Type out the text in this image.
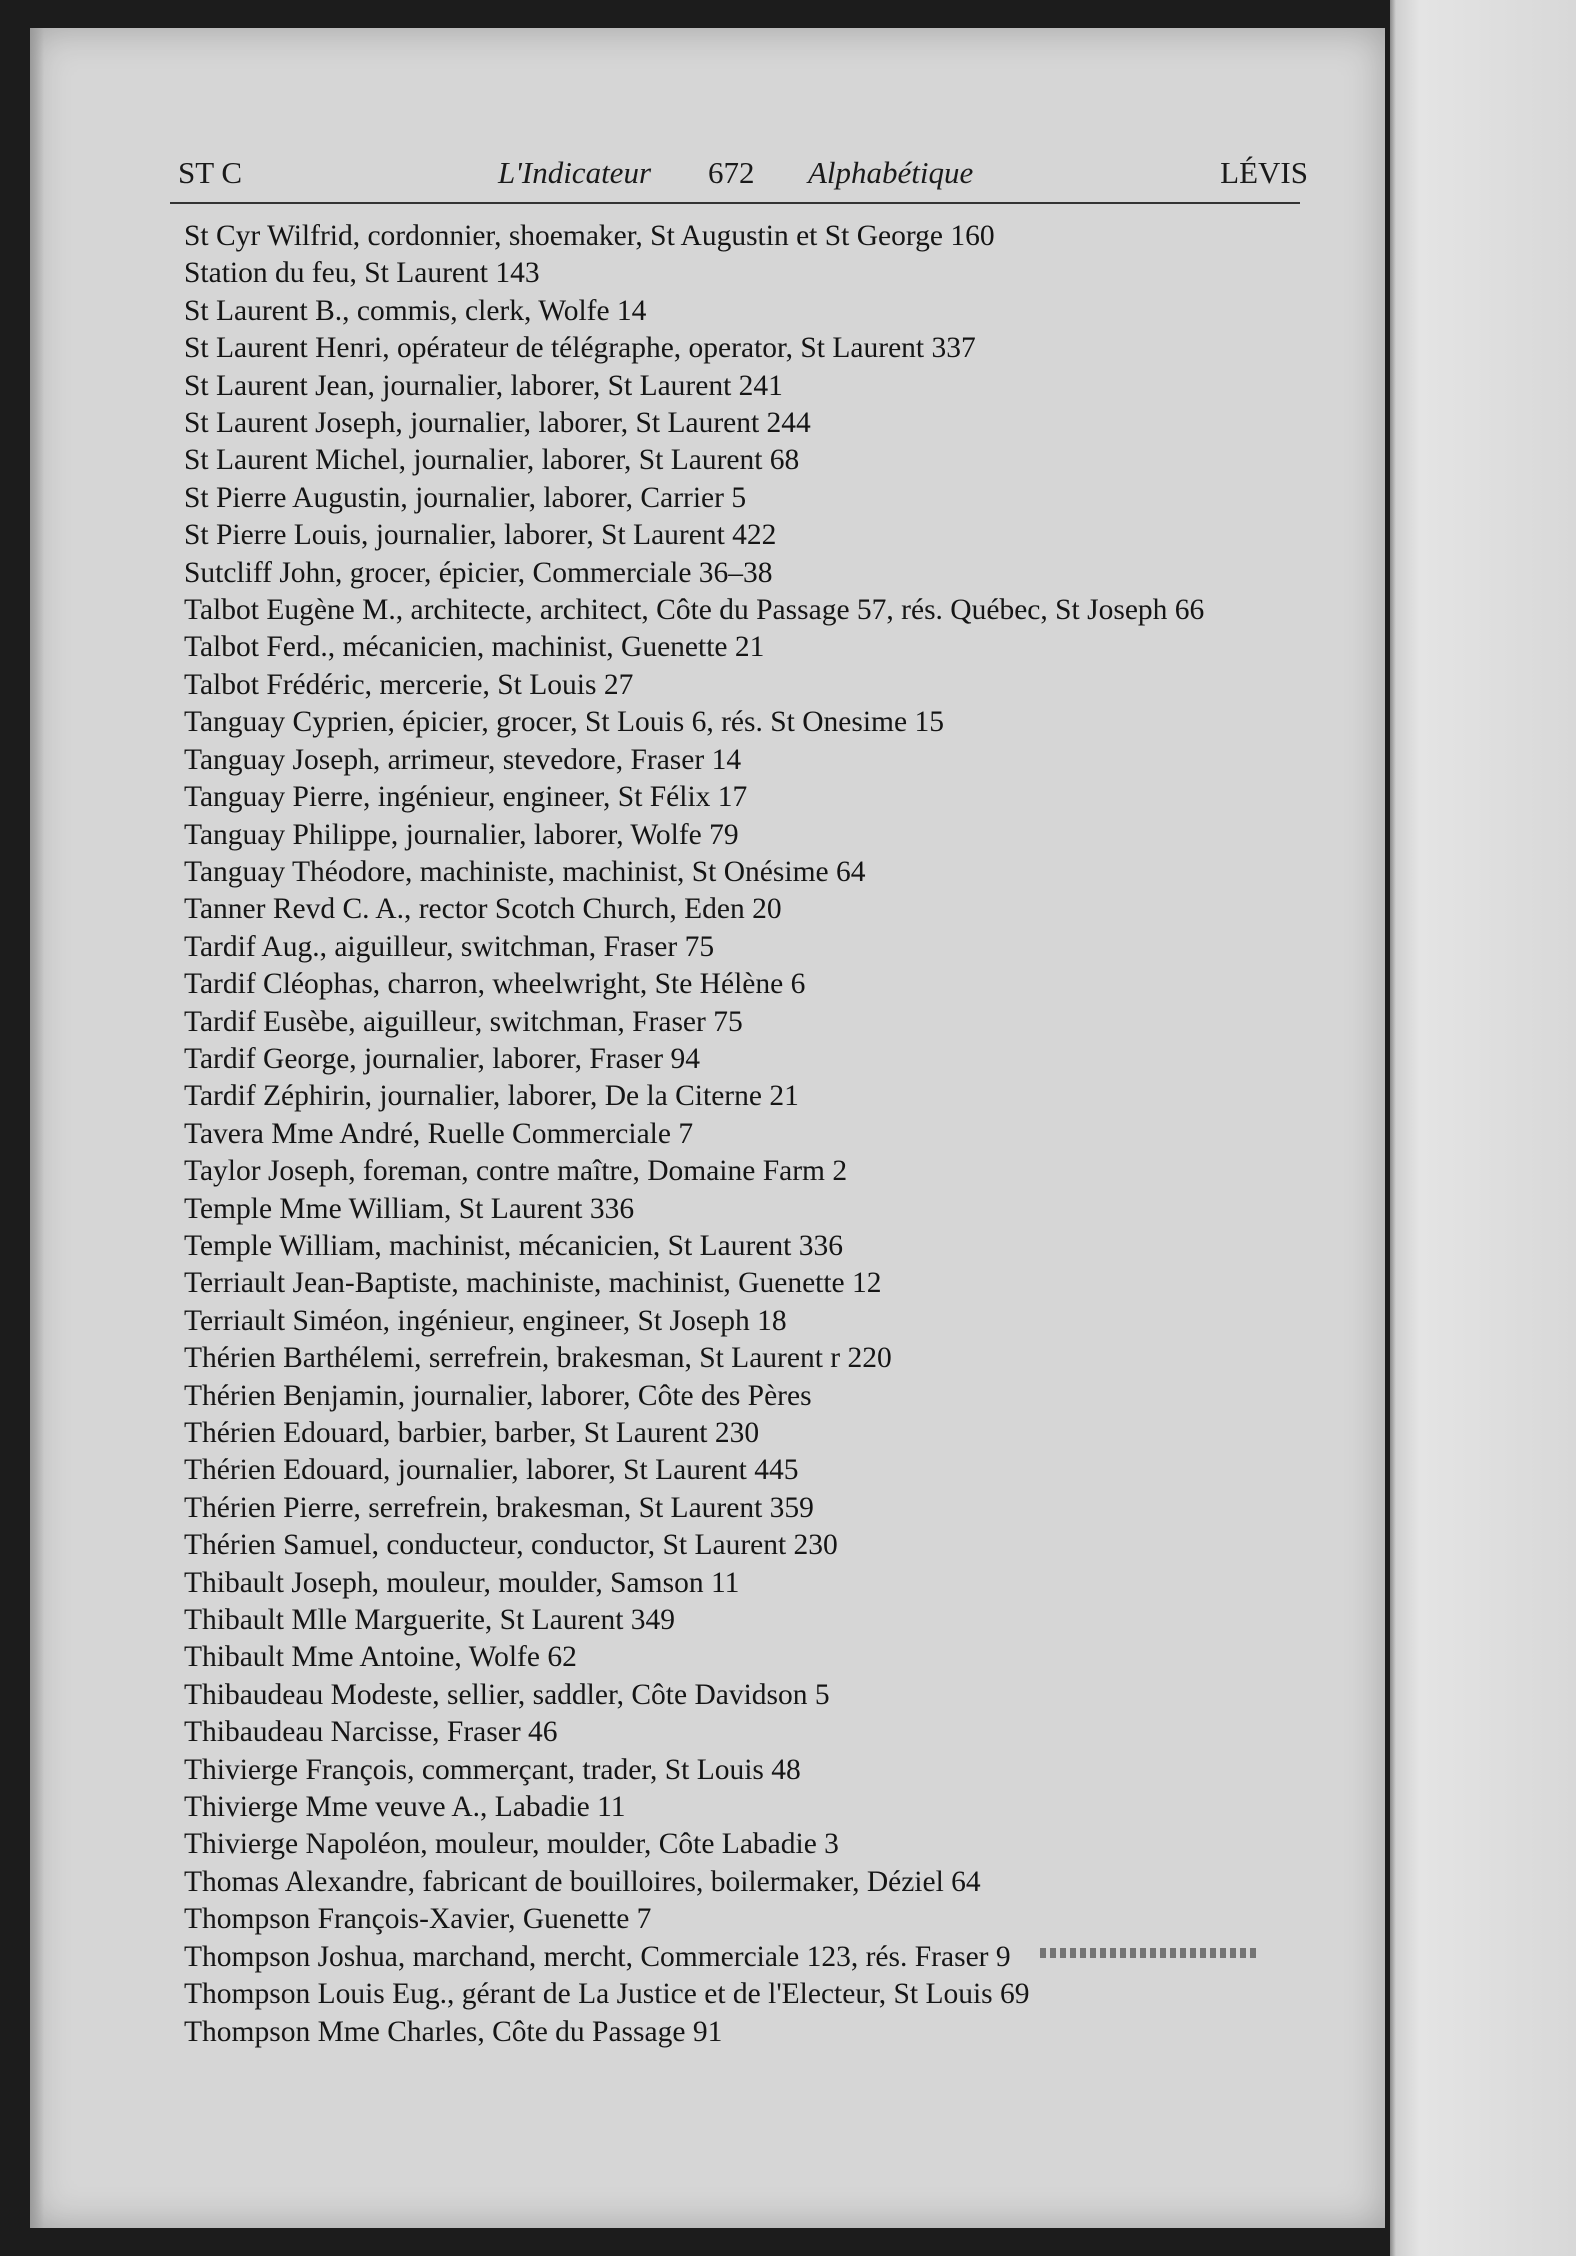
ST C	L'Indicateur 672 Alphabétique	LÉVIS
St Cyr Wilfrid, cordonnier, shoemaker, St Augustin et St George 160
Station du feu, St Laurent 143
St Laurent B., commis, clerk, Wolfe 14
St Laurent Henri, opérateur de télégraphe, operator, St Laurent 337
St Laurent Jean, journalier, laborer, St Laurent 241
St Laurent Joseph, journalier, laborer, St Laurent 244
St Laurent Michel, journalier, laborer, St Laurent 68
St Pierre Augustin, journalier, laborer, Carrier 5
St Pierre Louis, journalier, laborer, St Laurent 422
Sutcliff John, grocer, épicier, Commerciale 36–38
Talbot Eugène M., architecte, architect, Côte du Passage 57, rés. Québec, St Joseph 66
Talbot Ferd., mécanicien, machinist, Guenette 21
Talbot Frédéric, mercerie, St Louis 27
Tanguay Cyprien, épicier, grocer, St Louis 6, rés. St Onesime 15
Tanguay Joseph, arrimeur, stevedore, Fraser 14
Tanguay Pierre, ingénieur, engineer, St Félix 17
Tanguay Philippe, journalier, laborer, Wolfe 79
Tanguay Théodore, machiniste, machinist, St Onésime 64
Tanner Revd C. A., rector Scotch Church, Eden 20
Tardif Aug., aiguilleur, switchman, Fraser 75
Tardif Cléophas, charron, wheelwright, Ste Hélène 6
Tardif Eusèbe, aiguilleur, switchman, Fraser 75
Tardif George, journalier, laborer, Fraser 94
Tardif Zéphirin, journalier, laborer, De la Citerne 21
Tavera Mme André, Ruelle Commerciale 7
Taylor Joseph, foreman, contre maître, Domaine Farm 2
Temple Mme William, St Laurent 336
Temple William, machinist, mécanicien, St Laurent 336
Terriault Jean-Baptiste, machiniste, machinist, Guenette 12
Terriault Siméon, ingénieur, engineer, St Joseph 18
Thérien Barthélemi, serrefrein, brakesman, St Laurent r 220
Thérien Benjamin, journalier, laborer, Côte des Pères
Thérien Edouard, barbier, barber, St Laurent 230
Thérien Edouard, journalier, laborer, St Laurent 445
Thérien Pierre, serrefrein, brakesman, St Laurent 359
Thérien Samuel, conducteur, conductor, St Laurent 230
Thibault Joseph, mouleur, moulder, Samson 11
Thibault Mlle Marguerite, St Laurent 349
Thibault Mme Antoine, Wolfe 62
Thibaudeau Modeste, sellier, saddler, Côte Davidson 5
Thibaudeau Narcisse, Fraser 46
Thivierge François, commerçant, trader, St Louis 48
Thivierge Mme veuve A., Labadie 11
Thivierge Napoléon, mouleur, moulder, Côte Labadie 3
Thomas Alexandre, fabricant de bouilloires, boilermaker, Déziel 64
Thompson François-Xavier, Guenette 7
Thompson Joshua, marchand, mercht, Commerciale 123, rés. Fraser 9
Thompson Louis Eug., gérant de La Justice et de l'Electeur, St Louis 69
Thompson Mme Charles, Côte du Passage 91
